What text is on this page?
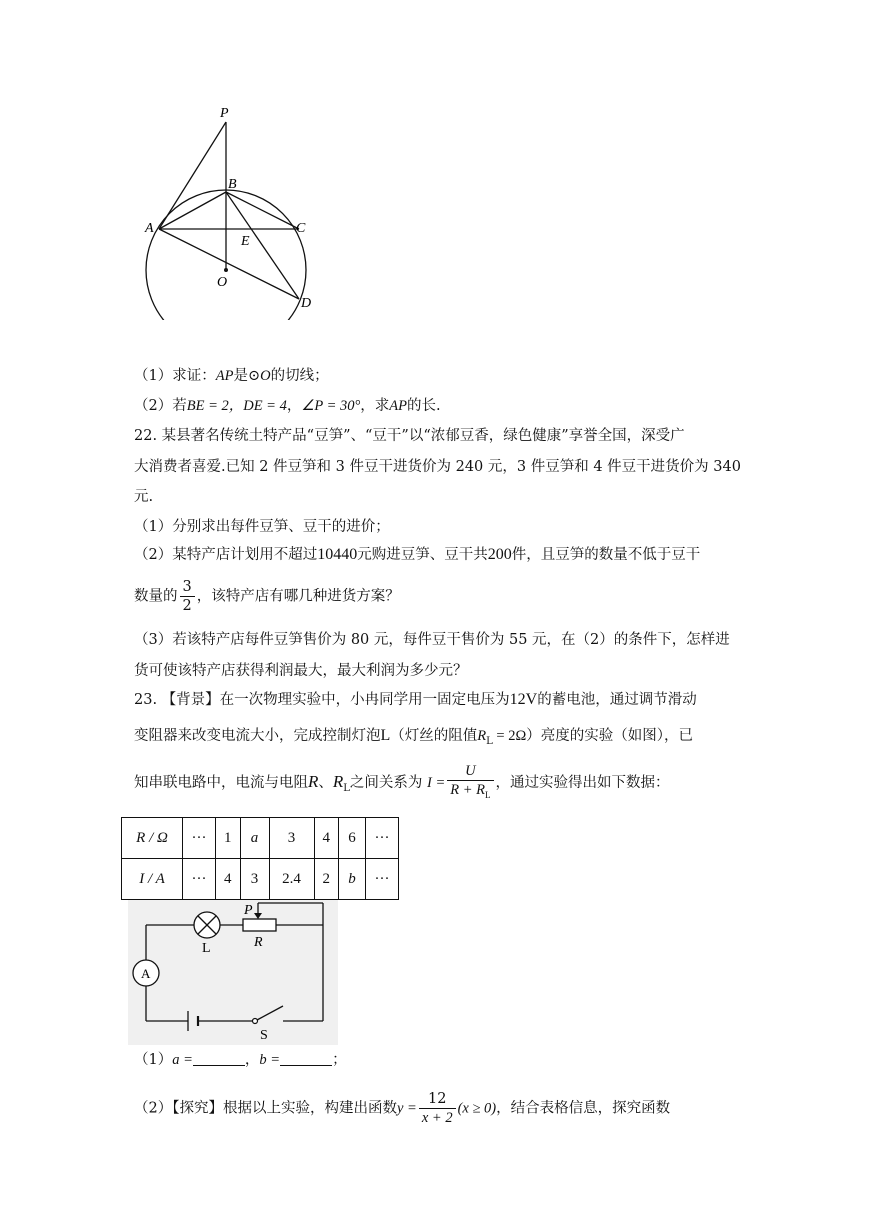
P
B
A	C
E
O
D
（1）求证：AP是⊙O的切线；
（2）若BE = 2，DE = 4，∠P = 30°，求AP的长.
22. 某县著名传统土特产品“豆笋”、“豆干”以“浓郁豆香，绿色健康”享誉全国，深受广
大消费者喜爱.已知 2 件豆笋和 3 件豆干进货价为 240 元，3 件豆笋和 4 件豆干进货价为 340
元.
（1）分别求出每件豆笋、豆干的进价；
（2）某特产店计划用不超过10440元购进豆笋、豆干共200件，且豆笋的数量不低于豆干
数量的 $\frac{3}{2}$ ，该特产店有哪几种进货方案？
（3）若该特产店每件豆笋售价为 80 元，每件豆干售价为 55 元，在（2）的条件下，怎样进
货可使该特产店获得利润最大，最大利润为多少元？
23. 【背景】在一次物理实验中，小冉同学用一固定电压为12V的蓄电池，通过调节滑动
变阻器来改变电流大小，完成控制灯泡L（灯丝的阻值$R_L = 2\Omega$）亮度的实验（如图），已
知串联电路中，电流与电阻R、$R_L$之间关系为 $I = \frac{U}{R + R_L}$ ，通过实验得出如下数据：
R / Ω	···	1	a	3	4	6	···
I / A	···	4	3	2.4	2	b	···
P
L	R
A
S
（1）a =	，b =	；
（2）【探究】根据以上实验，构建出函数$y = \frac{12}{x + 2} (x \ge 0)$，结合表格信息，探究函数
